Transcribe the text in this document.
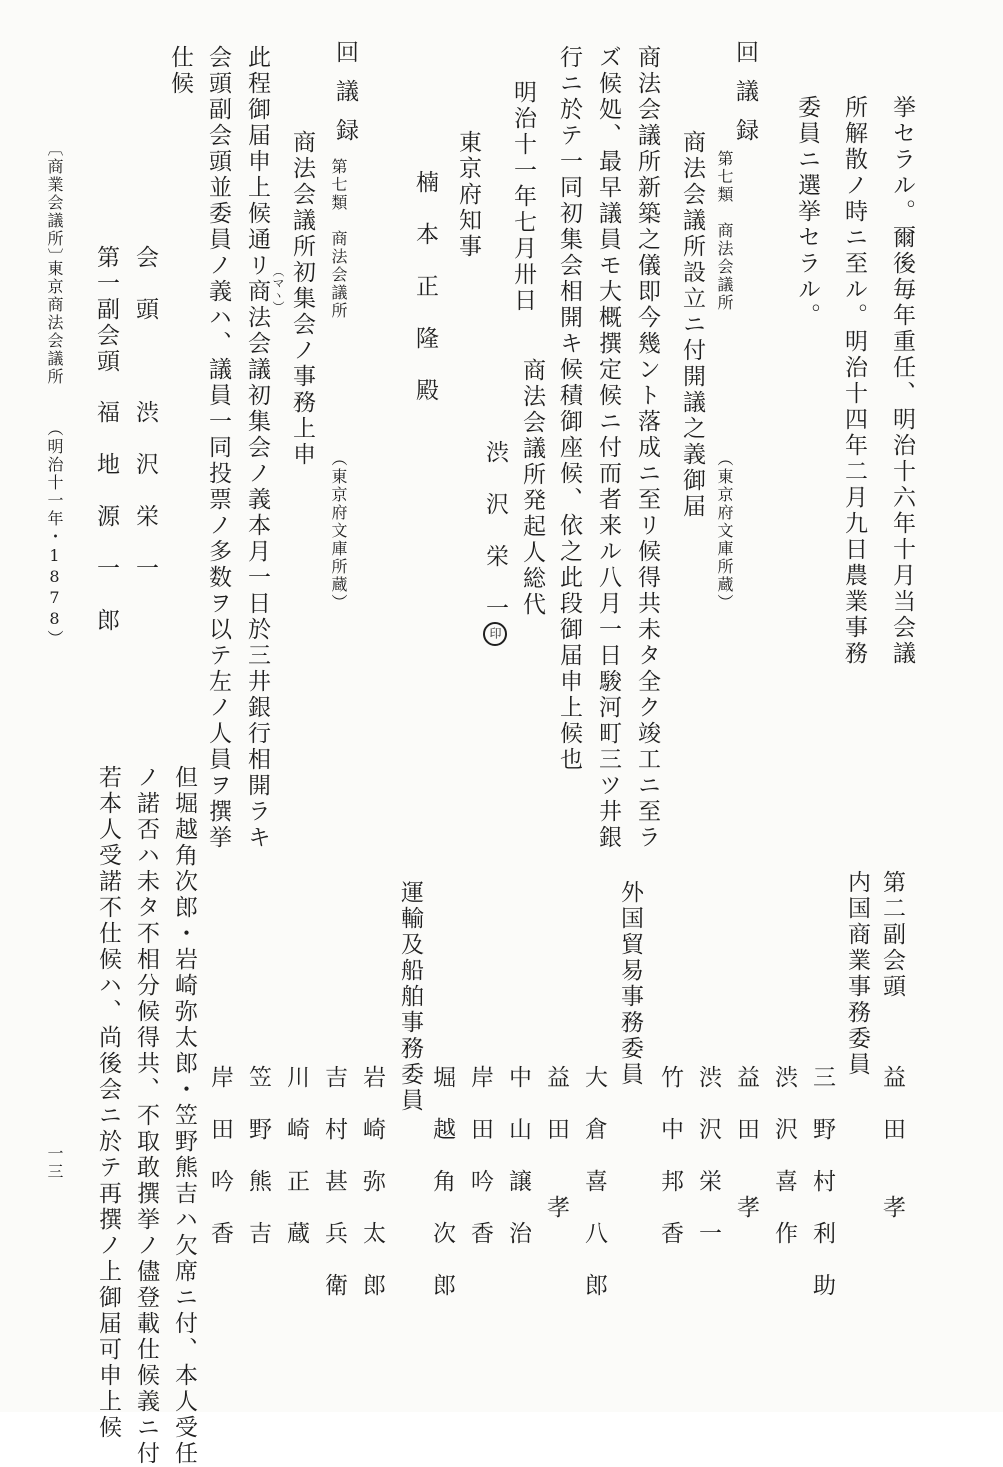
挙セラル。爾後毎年重任、明治十六年十月当会議
所解散ノ時ニ至ル。明治十四年二月九日農業事務
委員ニ選挙セラル。
回議録
第七類　商法会議所
（東京府文庫所蔵）
商法会議所設立ニ付開議之義御届
商法会議所新築之儀即今幾ント落成ニ至リ候得共未タ全ク竣工ニ至ラ
ズ候処、最早議員モ大概撰定候ニ付而者来ル八月一日駿河町三ツ井銀
行ニ於テ一同初集会相開キ候積御座候、依之此段御届申上候也
明治十一年七月卅日
商法会議所発起人総代
渋　沢　栄　一印
東京府知事
楠　本　正　隆　殿
回議録
第七類　商法会議所
（東京府文庫所蔵）
商法会議所初集会ノ事務上申
（マヽ）
此程御届申上候通リ商法会議初集会ノ義本月一日於三井銀行相開ラキ
会頭副会頭並委員ノ義ハ、議員一同投票ノ多数ヲ以テ左ノ人員ヲ撰挙
仕候
会　頭
渋　沢　栄　一
第一副会頭
福　地　源　一　郎
〔商業会議所〕
東京商法会議所
（明治十一年・1878）
第二副会頭
益　田　　孝
内国商業事務委員
三　野　村　利　助
渋　沢　喜　作
益　田　　孝
渋　沢　栄　一
竹　中　邦　香
外国貿易事務委員
大　倉　喜　八　郎
益　田　　孝
中　山　譲　治
岸　田　吟　香
堀　越　角　次　郎
運輸及船舶事務委員
岩　崎　弥　太　郎
吉　村　甚　兵　衛
川　崎　正　蔵
笠　野　熊　吉
岸　田　吟　香
但堀越角次郎・岩崎弥太郎・笠野熊吉ハ欠席ニ付、本人受任
ノ諾否ハ未タ不相分候得共、不取敢撰挙ノ儘登載仕候義ニ付
若本人受諾不仕候ハ、尚後会ニ於テ再撰ノ上御届可申上候
一三
